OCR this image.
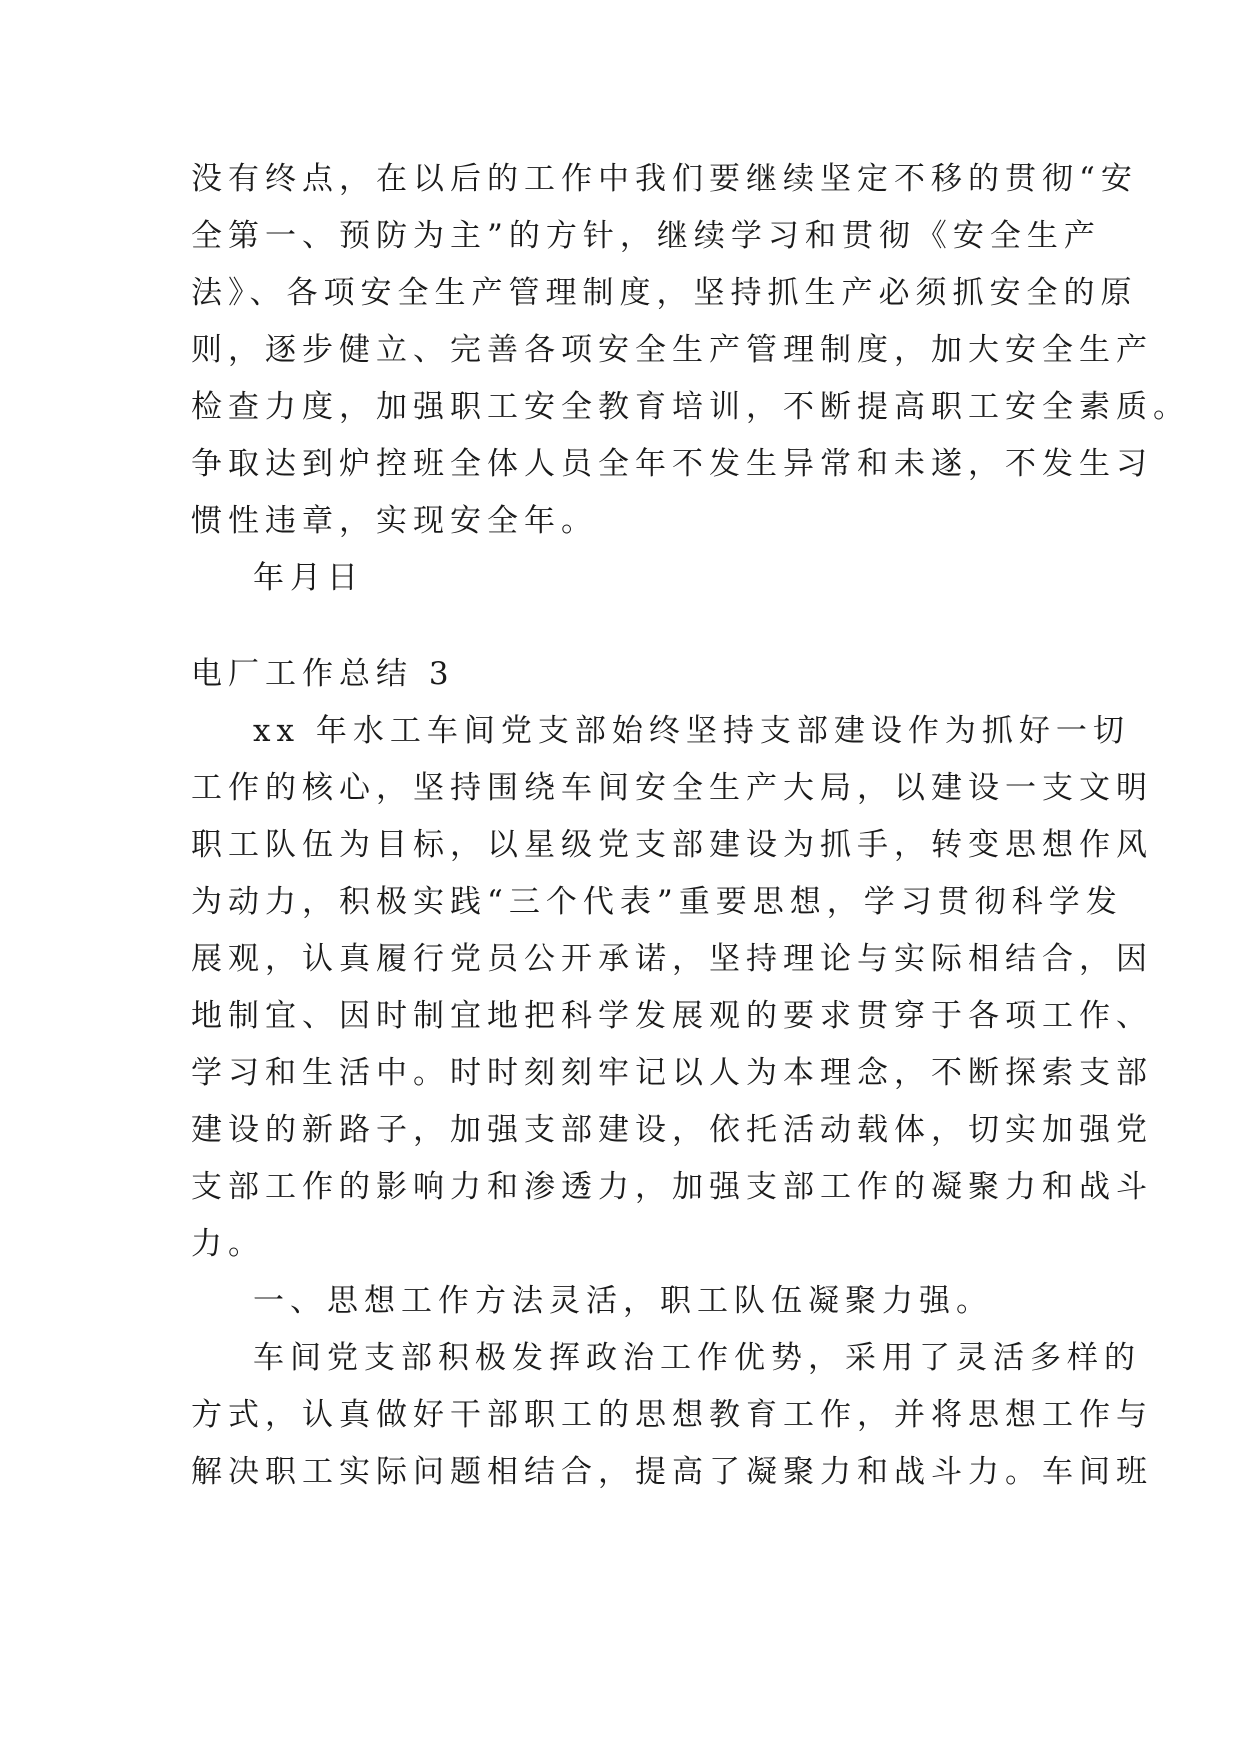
没有终点，在以后的工作中我们要继续坚定不移的贯彻“安
全第一、预防为主”的方针，继续学习和贯彻《安全生产
法》、各项安全生产管理制度，坚持抓生产必须抓安全的原
则，逐步健立、完善各项安全生产管理制度，加大安全生产
检查力度，加强职工安全教育培训，不断提高职工安全素质。
争取达到炉控班全体人员全年不发生异常和未遂，不发生习
惯性违章，实现安全年。
年月日
电厂工作总结 3
xx 年水工车间党支部始终坚持支部建设作为抓好一切
工作的核心，坚持围绕车间安全生产大局，以建设一支文明
职工队伍为目标，以星级党支部建设为抓手，转变思想作风
为动力，积极实践“三个代表”重要思想，学习贯彻科学发
展观，认真履行党员公开承诺，坚持理论与实际相结合，因
地制宜、因时制宜地把科学发展观的要求贯穿于各项工作、
学习和生活中。时时刻刻牢记以人为本理念，不断探索支部
建设的新路子，加强支部建设，依托活动载体，切实加强党
支部工作的影响力和渗透力，加强支部工作的凝聚力和战斗
力。
一、思想工作方法灵活，职工队伍凝聚力强。
车间党支部积极发挥政治工作优势，采用了灵活多样的
方式，认真做好干部职工的思想教育工作，并将思想工作与
解决职工实际问题相结合，提高了凝聚力和战斗力。车间班
